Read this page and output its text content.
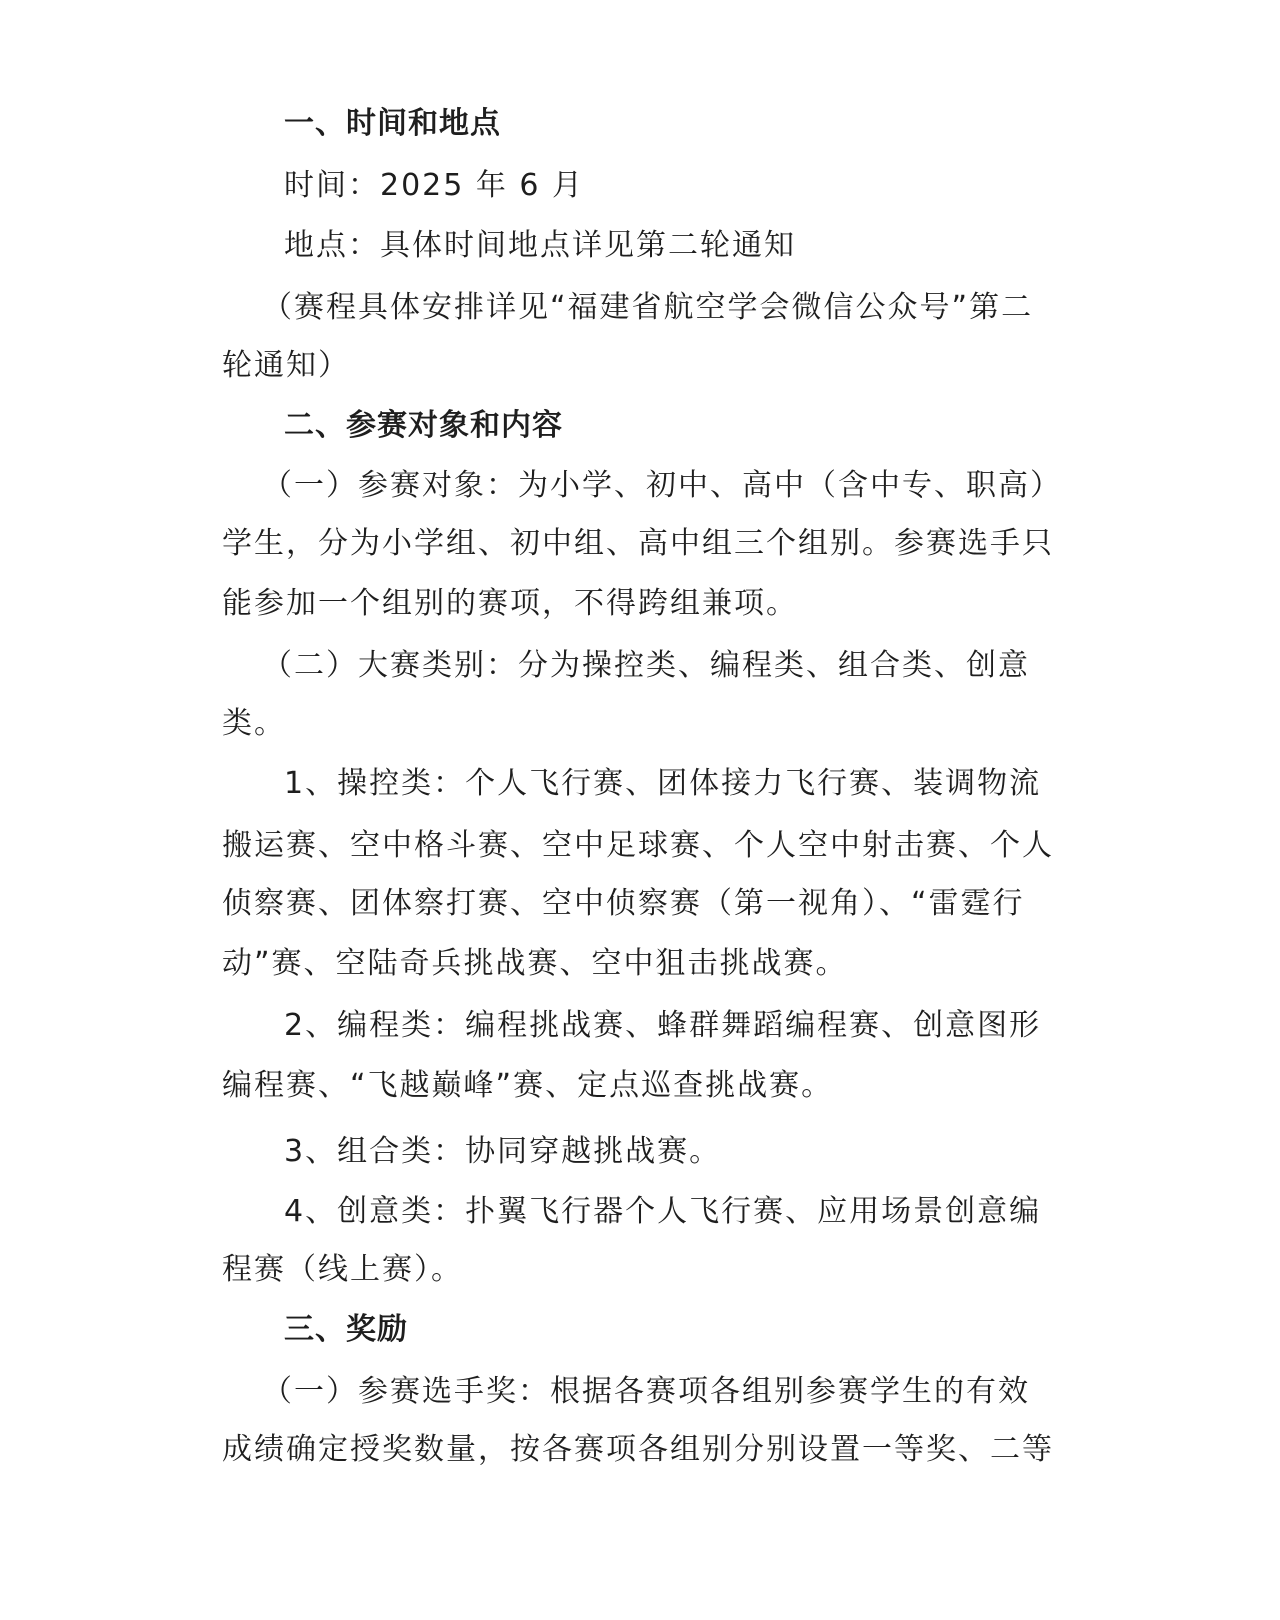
一、时间和地点
时间：2025 年 6 月
地点：具体时间地点详见第二轮通知
（赛程具体安排详见“福建省航空学会微信公众号”第二
轮通知）
二、参赛对象和内容
（一）参赛对象：为小学、初中、高中（含中专、职高）
学生，分为小学组、初中组、高中组三个组别。参赛选手只
能参加一个组别的赛项，不得跨组兼项。
（二）大赛类别：分为操控类、编程类、组合类、创意
类。
1、操控类：个人飞行赛、团体接力飞行赛、装调物流
搬运赛、空中格斗赛、空中足球赛、个人空中射击赛、个人
侦察赛、团体察打赛、空中侦察赛（第一视角）、“雷霆行
动”赛、空陆奇兵挑战赛、空中狙击挑战赛。
2、编程类：编程挑战赛、蜂群舞蹈编程赛、创意图形
编程赛、“飞越巅峰”赛、定点巡查挑战赛。
3、组合类：协同穿越挑战赛。
4、创意类：扑翼飞行器个人飞行赛、应用场景创意编
程赛（线上赛）。
三、奖励
（一）参赛选手奖：根据各赛项各组别参赛学生的有效
成绩确定授奖数量，按各赛项各组别分别设置一等奖、二等
